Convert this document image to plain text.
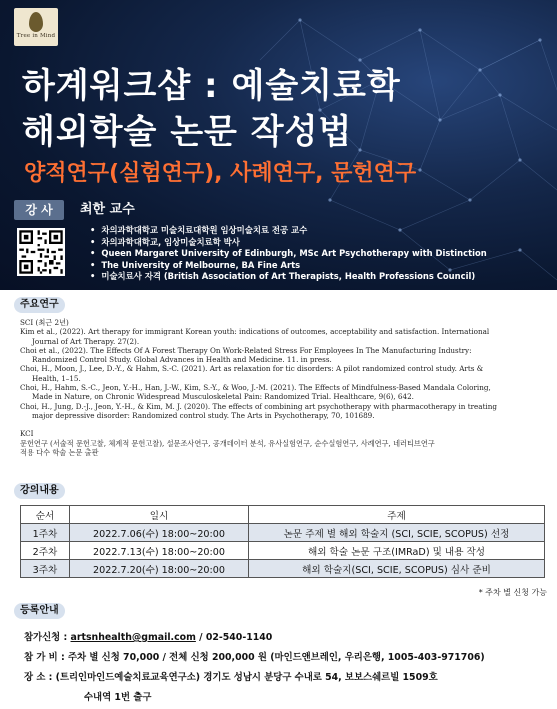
Tree in Mind
하계워크샵 : 예술치료학
해외학술 논문 작성법
양적연구(실험연구), 사례연구, 문헌연구
강 사	최한 교수
• 차의과학대학교 미술치료대학원 임상미술치료 전공 교수
• 차의과학대학교, 임상미술치료학 박사
• Queen Margaret University of Edinburgh, MSc Art Psychotherapy with Distinction
• The University of Melbourne, BA Fine Arts
• 미술치료사 자격 (British Association of Art Therapists, Health Professions Council)
주요연구

SCI (최근 2년)

Kim et al., (2022). Art therapy for immigrant Korean youth: indications of outcomes, acceptability and satisfaction. International

Journal of Art Therapy. 27(2).

Choi et al., (2022). The Effects Of A Forest Therapy On Work-Related Stress For Employees In The Manufacturing Industry:

Randomized Control Study. Global Advances in Health and Medicine. 11. in press.

Choi, H., Moon, J., Lee, D.-Y., & Hahm, S.-C. (2021). Art as relaxation for tic disorders: A pilot randomized control study. Arts &

Health, 1–15.

Choi, H., Hahm, S.-C., Jeon, Y.-H., Han, J.-W., Kim, S.-Y., & Woo, J.-M. (2021). The Effects of Mindfulness-Based Mandala Coloring,

Made in Nature, on Chronic Widespread Musculoskeletal Pain: Randomized Trial. Healthcare, 9(6), 642.

Choi, H., Jung, D.-J., Jeon, Y.-H., & Kim, M. J. (2020). The effects of combining art psychotherapy with pharmacotherapy in treating

major depressive disorder: Randomized control study. The Arts in Psychotherapy, 70, 101689.

KCI

문헌연구 (서술적 문헌고찰, 체계적 문헌고찰), 설문조사연구, 공개데이터 분석, 유사실험연구, 순수실험연구, 사례연구, 네러티브연구

적용 다수 학술 논문 출판

강의내용
순서	일시	주제
1주차	2022.7.06(수) 18:00~20:00	논문 주제 별 해외 학술지 (SCI, SCIE, SCOPUS) 선정
2주차	2022.7.13(수) 18:00~20:00	해외 학술 논문 구조(IMRaD) 및 내용 작성
3주차	2022.7.20(수) 18:00~20:00	해외 학술지(SCI, SCIE, SCOPUS) 심사 준비
* 주차 별 신청 가능
등록안내
참가신청 : artsnhealth@gmail.com / 02-540-1140
참 가 비 : 주차 별 신청 70,000 / 전체 신청 200,000 원 (마인드앤브레인, 우리은행, 1005-403-971706)
장 소 : (트리인마인드예술치료교육연구소) 경기도 성남시 분당구 수내로 54, 보보스쉐르빌 1509호
수내역 1번 출구
